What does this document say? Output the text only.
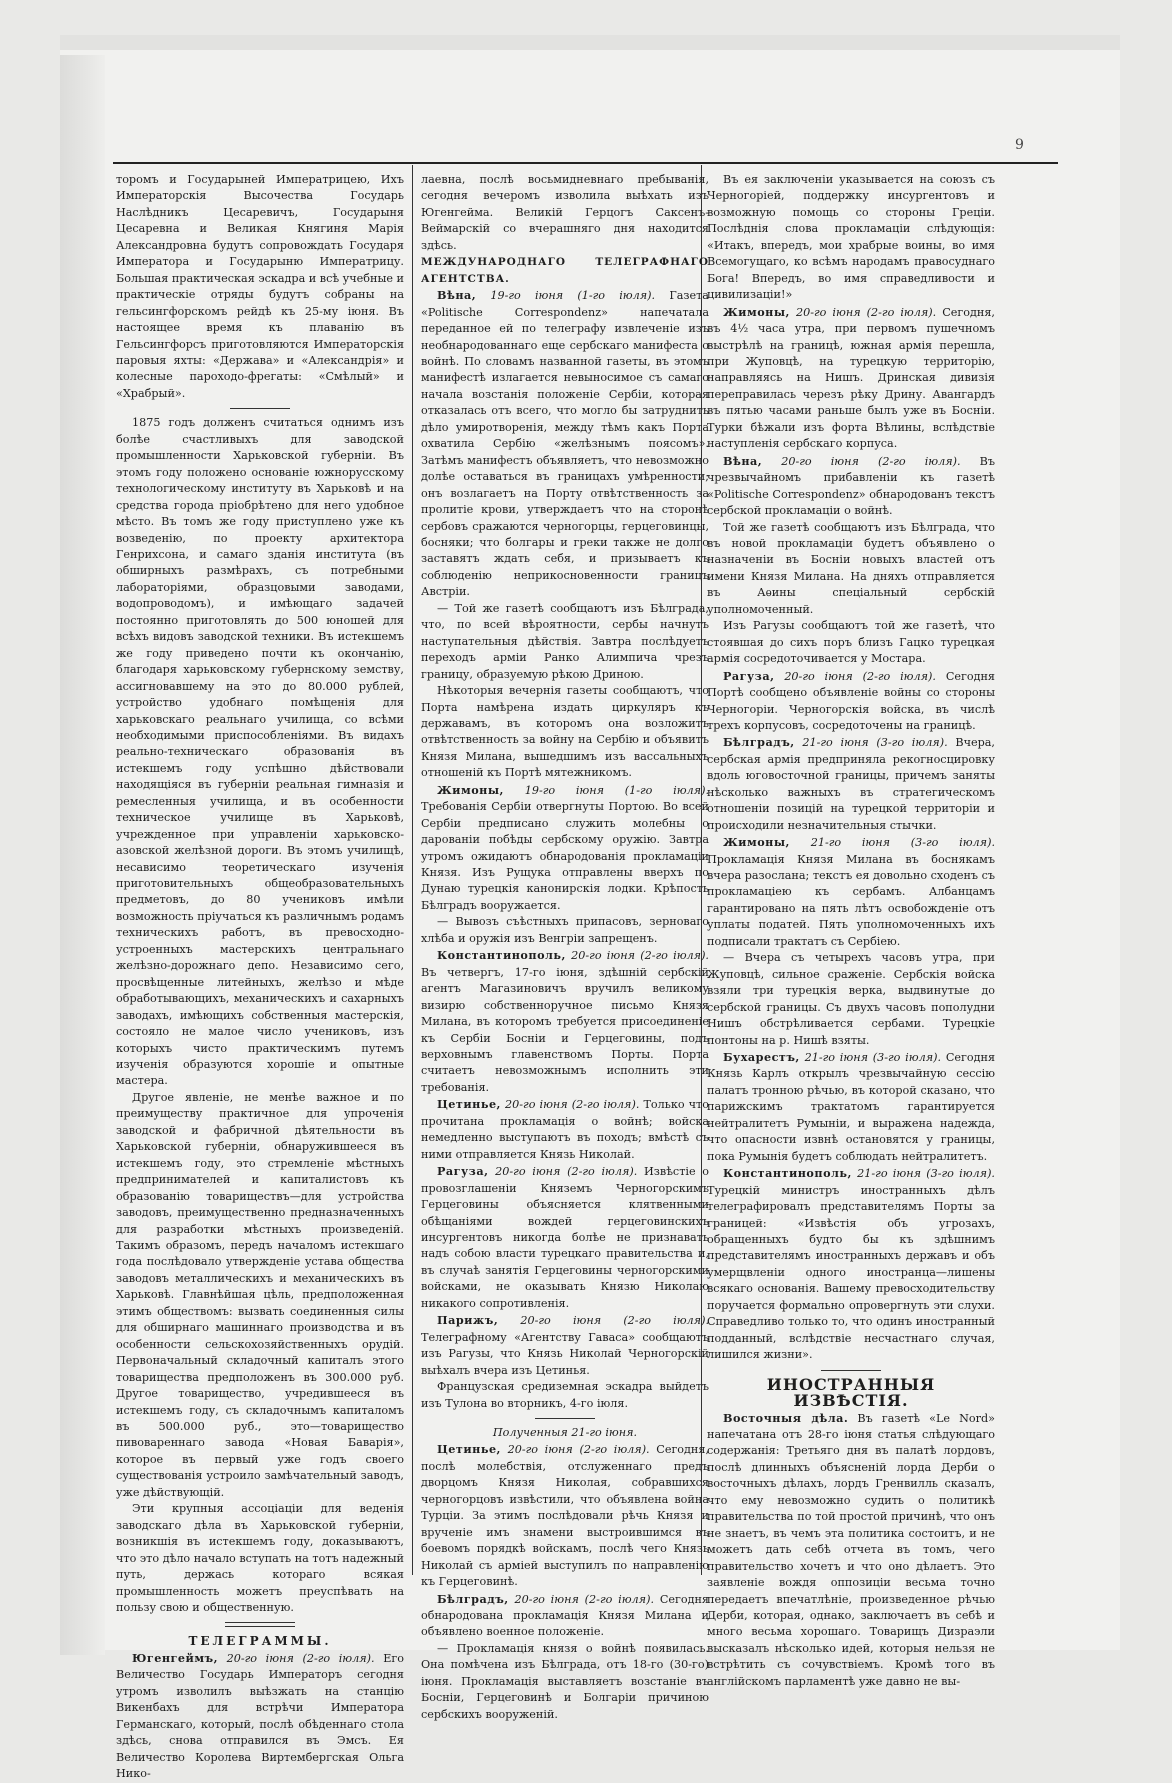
9

торомъ и Государыней Императрицею, Ихъ Императорскія Высочества Государь Наслѣдникъ Цесаревичъ, Государыня Цесаревна и Великая Княгиня Марія Александровна будутъ сопровождать Государя Императора и Государыню Императрицу. Большая практическая эскадра и всѣ учебные и практическіе отряды будутъ собраны на гельсингфорскомъ рейдѣ къ 25-му іюня. Въ настоящее время къ плаванію въ Гельсингфорсъ приготовляются Императорскія паровыя яхты: «Держава» и «Александрія» и колесные пароходо-фрегаты: «Смѣлый» и «Храбрый».

1875 годъ долженъ считаться однимъ изъ болѣе счастливыхъ для заводской промышленности Харьковской губерніи. Въ этомъ году положено основаніе южнорусскому технологическому институту въ Харьковѣ и на средства города пріобрѣтено для него удобное мѣсто. Въ томъ же году приступлено уже къ возведенію, по проекту архитектора Генрихсона, и самаго зданія института (въ обширныхъ размѣрахъ, съ потребными лабораторіями, образцовыми заводами, водопроводомъ), и имѣющаго задачей постоянно приготовлять до 500 юношей для всѣхъ видовъ заводской техники. Въ истекшемъ же году приведено почти къ окончанію, благодаря харьковскому губернскому земству, ассигновавшему на это до 80.000 рублей, устройство удобнаго помѣщенія для харьковскаго реальнаго училища, со всѣми необходимыми приспособленіями. Въ видахъ реально-техническаго образованія въ истекшемъ году успѣшно дѣйствовали находящіяся въ губерніи реальная гимназія и ремесленныя училища, и въ особенности техническое училище въ Харьковѣ, учрежденное при управленіи харьковско-азовской желѣзной дороги. Въ этомъ училищѣ, несависимо теоретическаго изученія приготовительныхъ общеобразовательныхъ предметовъ, до 80 учениковъ имѣли возможность пріучаться къ различнымъ родамъ техническихъ работъ, въ превосходно-устроенныхъ мастерскихъ центральнаго желѣзно-дорожнаго депо. Независимо сего, просвѣщенные литейныхъ, желѣзо и мѣде обработывающихъ, механическихъ и сахарныхъ заводахъ, имѣющихъ собственныя мастерскія, состояло не малое число учениковъ, изъ которыхъ чисто практическимъ путемъ изученія образуются хорошіе и опытные мастера.

Другое явленіе, не менѣе важное и по преимуществу практичное для упроченія заводской и фабричной дѣятельности въ Харьковской губерніи, обнаружившееся въ истекшемъ году, это стремленіе мѣстныхъ предпринимателей и капиталистовъ къ образованію товариществъ—для устройства заводовъ, преимущественно предназначенныхъ для разработки мѣстныхъ произведеній. Такимъ образомъ, передъ началомъ истекшаго года послѣдовало утвержденіе устава общества заводовъ металлическихъ и механическихъ въ Харьковѣ. Главнѣйшая цѣль, предположенная этимъ обществомъ: вызвать соединенныя силы для обширнаго машиннаго производства и въ особенности сельскохозяйственныхъ орудій. Первоначальный складочный капиталъ этого товарищества предположенъ въ 300.000 руб. Другое товарищество, учредившееся въ истекшемъ году, съ складочнымъ капиталомъ въ 500.000 руб., это—товарищество пивовареннаго завода «Новая Баварія», которое въ первый уже годъ своего существованія устроило замѣчательный заводъ, уже дѣйствующій.

Эти крупныя ассоціаціи для веденія заводскаго дѣла въ Харьковской губерніи, возникшія въ истекшемъ году, доказываютъ, что это дѣло начало вступать на тотъ надежный путь, держась котораго всякая промышленность можетъ преуспѣвать на пользу свою и общественную.

ТЕЛЕГРАММЫ.

Югенгеймъ, 20-го іюня (2-го іюля). Его Величество Государь Императоръ сегодня утромъ изволилъ выѣзжать на станцію Викенбахъ для встрѣчи Императора Германскаго, который, послѣ обѣденнаго стола здѣсь, снова отправился въ Эмсъ. Ея Величество Королева Виртембергская Ольга Нико-

лаевна, послѣ восьмидневнаго пребыванія, сегодня вечеромъ изволила выѣхать изъ Югенгейма. Великій Герцогъ Саксенъ-Веймарскій со вчерашняго дня находится здѣсь.

МЕЖДУНАРОДНАГО ТЕЛЕГРАФНАГО АГЕНТСТВА.

Вѣна, 19-го іюня (1-го іюля). Газета «Politische Correspondenz» напечатала переданное ей по телеграфу извлеченіе изъ необнародованнаго еще сербскаго манифеста о войнѣ. По словамъ названной газеты, въ этомъ манифестѣ излагается невыносимое съ самаго начала возстанія положеніе Сербіи, которая отказалась отъ всего, что могло бы затруднить дѣло умиротворенія, между тѣмъ какъ Порта охватила Сербію «желѣзнымъ поясомъ». Затѣмъ манифестъ объявляетъ, что невозможно долѣе оставаться въ границахъ умѣренности; онъ возлагаетъ на Порту отвѣтственность за пролитіе крови, утверждаетъ что на сторонѣ сербовъ сражаются черногорцы, герцеговинцы, босняки; что болгары и греки также не долго заставятъ ждать себя, и призываетъ къ соблюденію неприкосновенности границъ Австріи.

— Той же газетѣ сообщаютъ изъ Бѣлграда, что, по всей вѣроятности, сербы начнутъ наступательныя дѣйствія. Завтра послѣдуетъ переходъ арміи Ранко Алимпича чрезъ границу, образуемую рѣкою Дриною.

Нѣкоторыя вечернія газеты сообщаютъ, что Порта намѣрена издать циркуляръ къ державамъ, въ которомъ она возложитъ отвѣтственность за войну на Сербію и объявитъ Князя Милана, вышедшимъ изъ вассальныхъ отношеній къ Портѣ мятежникомъ.

Жимоны, 19-го іюня (1-го іюля). Требованія Сербіи отвергнуты Портою. Во всей Сербіи предписано служить молебны о дарованіи побѣды сербскому оружію. Завтра утромъ ожидаютъ обнародованія прокламаціи Князя. Изъ Рущука отправлены вверхъ по Дунаю турецкія канонирскія лодки. Крѣпость Бѣлградъ вооружается.

— Вывозъ съѣстныхъ припасовъ, зерноваго хлѣба и оружія изъ Венгріи запрещенъ.

Константинополь, 20-го іюня (2-го іюля). Въ четвергъ, 17-го іюня, здѣшній сербскій агентъ Магазиновичъ вручилъ великому визирю собственноручное письмо Князя Милана, въ которомъ требуется присоединеніе къ Сербіи Босніи и Герцеговины, подъ верховнымъ главенствомъ Порты. Порта считаетъ невозможнымъ исполнить эти требованія.

Цетинье, 20-го іюня (2-го іюля). Только что прочитана прокламація о войнѣ; войска немедленно выступаютъ въ походъ; вмѣстѣ съ ними отправляется Князь Николай.

Рагуза, 20-го іюня (2-го іюля). Извѣстіе о провозглашеніи Княземъ Черногорскимъ Герцеговины объясняется клятвенными обѣщаніями вождей герцеговинскихъ инсургентовъ никогда болѣе не признавать надъ собою власти турецкаго правительства и, въ случаѣ занятія Герцеговины черногорскими войсками, не оказывать Князю Николаю никакого сопротивленія.

Парижъ, 20-го іюня (2-го іюля). Телеграфному «Агентству Гаваса» сообщаютъ изъ Рагузы, что Князь Николай Черногорскій выѣхалъ вчера изъ Цетинья.

Французская средиземная эскадра выйдетъ изъ Тулона во вторникъ, 4-го іюля.

Полученныя 21-го іюня.

Цетинье, 20-го іюня (2-го іюля). Сегодня, послѣ молебствія, отслуженнаго предъ дворцомъ Князя Николая, собравшихся черногорцовъ извѣстили, что объявлена война Турціи. За этимъ послѣдовали рѣчь Князя и врученіе имъ знамени выстроившимся въ боевомъ порядкѣ войскамъ, послѣ чего Князь Николай съ арміей выступилъ по направленію къ Герцеговинѣ.

Бѣлградъ, 20-го іюня (2-го іюля). Сегодня обнародована прокламація Князя Милана и объявлено военное положеніе.

— Прокламація князя о войнѣ появилась. Она помѣчена изъ Бѣлграда, отъ 18-го (30-го) іюня. Прокламація выставляетъ возстаніе въ Босніи, Герцеговинѣ и Болгаріи причиною сербскихъ вооруженій.

Въ ея заключеніи указывается на союзъ съ Черногоріей, поддержку инсургентовъ и возможную помощь со стороны Греціи. Послѣднія слова прокламаціи слѣдующія: «Итакъ, впередъ, мои храбрые воины, во имя Всемогущаго, ко всѣмъ народамъ правосуднаго Бога! Впередъ, во имя справедливости и цивилизаціи!»

Жимоны, 20-го іюня (2-го іюля). Сегодня, въ 4½ часа утра, при первомъ пушечномъ выстрѣлѣ на границѣ, южная армія перешла, при Жуповцѣ, на турецкую территорію, направляясь на Нишъ. Дринская дивизія переправилась черезъ рѣку Дрину. Авангардъ въ пятью часами раньше былъ уже въ Босніи. Турки бѣжали изъ форта Вѣлины, вслѣдствіе наступленія сербскаго корпуса.

Вѣна, 20-го іюня (2-го іюля). Въ чрезвычайномъ прибавленіи къ газетѣ «Politische Correspondenz» обнародованъ текстъ сербской прокламаціи о войнѣ.

Той же газетѣ сообщаютъ изъ Бѣлграда, что въ новой прокламаціи будетъ объявлено о назначеніи въ Босніи новыхъ властей отъ имени Князя Милана. На дняхъ отправляется въ Аѳины спеціальный сербскій уполномоченный.

Изъ Рагузы сообщаютъ той же газетѣ, что стоявшая до сихъ поръ близъ Гацко турецкая армія сосредоточивается у Мостара.

Рагуза, 20-го іюня (2-го іюля). Сегодня Портѣ сообщено объявленіе войны со стороны Черногоріи. Черногорскія войска, въ числѣ трехъ корпусовъ, сосредоточены на границѣ.

Бѣлградъ, 21-го іюня (3-го іюля). Вчера, сербская армія предприняла рекогносцировку вдоль юговосточной границы, причемъ заняты нѣсколько важныхъ въ стратегическомъ отношеніи позицій на турецкой территоріи и происходили незначительныя стычки.

Жимоны, 21-го іюня (3-го іюля). Прокламація Князя Милана въ боснякамъ вчера разослана; текстъ ея довольно сходенъ съ прокламаціею къ сербамъ. Албанцамъ гарантировано на пять лѣтъ освобожденіе отъ уплаты податей. Пять уполномоченныхъ ихъ подписали трактатъ съ Сербіею.

— Вчера съ четырехъ часовъ утра, при Жуповцѣ, сильное сраженіе. Сербскія войска взяли три турецкія верка, выдвинутые до сербской границы. Съ двухъ часовъ пополудни Нишъ обстрѣливается сербами. Турецкіе понтоны на р. Нишѣ взяты.

Бухарестъ, 21-го іюня (3-го іюля). Сегодня Князь Карлъ открылъ чрезвычайную сессію палатъ тронною рѣчью, въ которой сказано, что парижскимъ трактатомъ гарантируется нейтралитетъ Румыніи, и выражена надежда, что опасности извнѣ остановятся у границы, пока Румынія будетъ соблюдать нейтралитетъ.

Константинополь, 21-го іюня (3-го іюля). Турецкій министръ иностранныхъ дѣлъ телеграфировалъ представителямъ Порты за границей: «Извѣстія объ угрозахъ, обращенныхъ будто бы къ здѣшнимъ представителямъ иностранныхъ державъ и объ умерщвленіи одного иностранца—лишены всякаго основанія. Вашему превосходительству поручается формально опровергнуть эти слухи. Справедливо только то, что одинъ иностранный подданный, вслѣдствіе несчастнаго случая, лишился жизни».

ИНОСТРАННЫЯ ИЗВѢСТІЯ.

Восточныя дѣла. Въ газетѣ «Le Nord» напечатана отъ 28-го іюня статья слѣдующаго содержанія: Третьяго дня въ палатѣ лордовъ, послѣ длинныхъ объясненій лорда Дерби о восточныхъ дѣлахъ, лордъ Гренвилль сказалъ, что ему невозможно судить о политикѣ правительства по той простой причинѣ, что онъ не знаетъ, въ чемъ эта политика состоитъ, и не можетъ дать себѣ отчета въ томъ, чего правительство хочетъ и что оно дѣлаетъ. Это заявленіе вождя оппозиціи весьма точно передаетъ впечатлѣніе, произведенное рѣчью Дерби, которая, однако, заключаетъ въ себѣ и много весьма хорошаго. Товарищъ Дизраэли высказалъ нѣсколько идей, которыя нельзя не встрѣтить съ сочувствіемъ. Кромѣ того въ англійскомъ парламентѣ уже давно не вы-
